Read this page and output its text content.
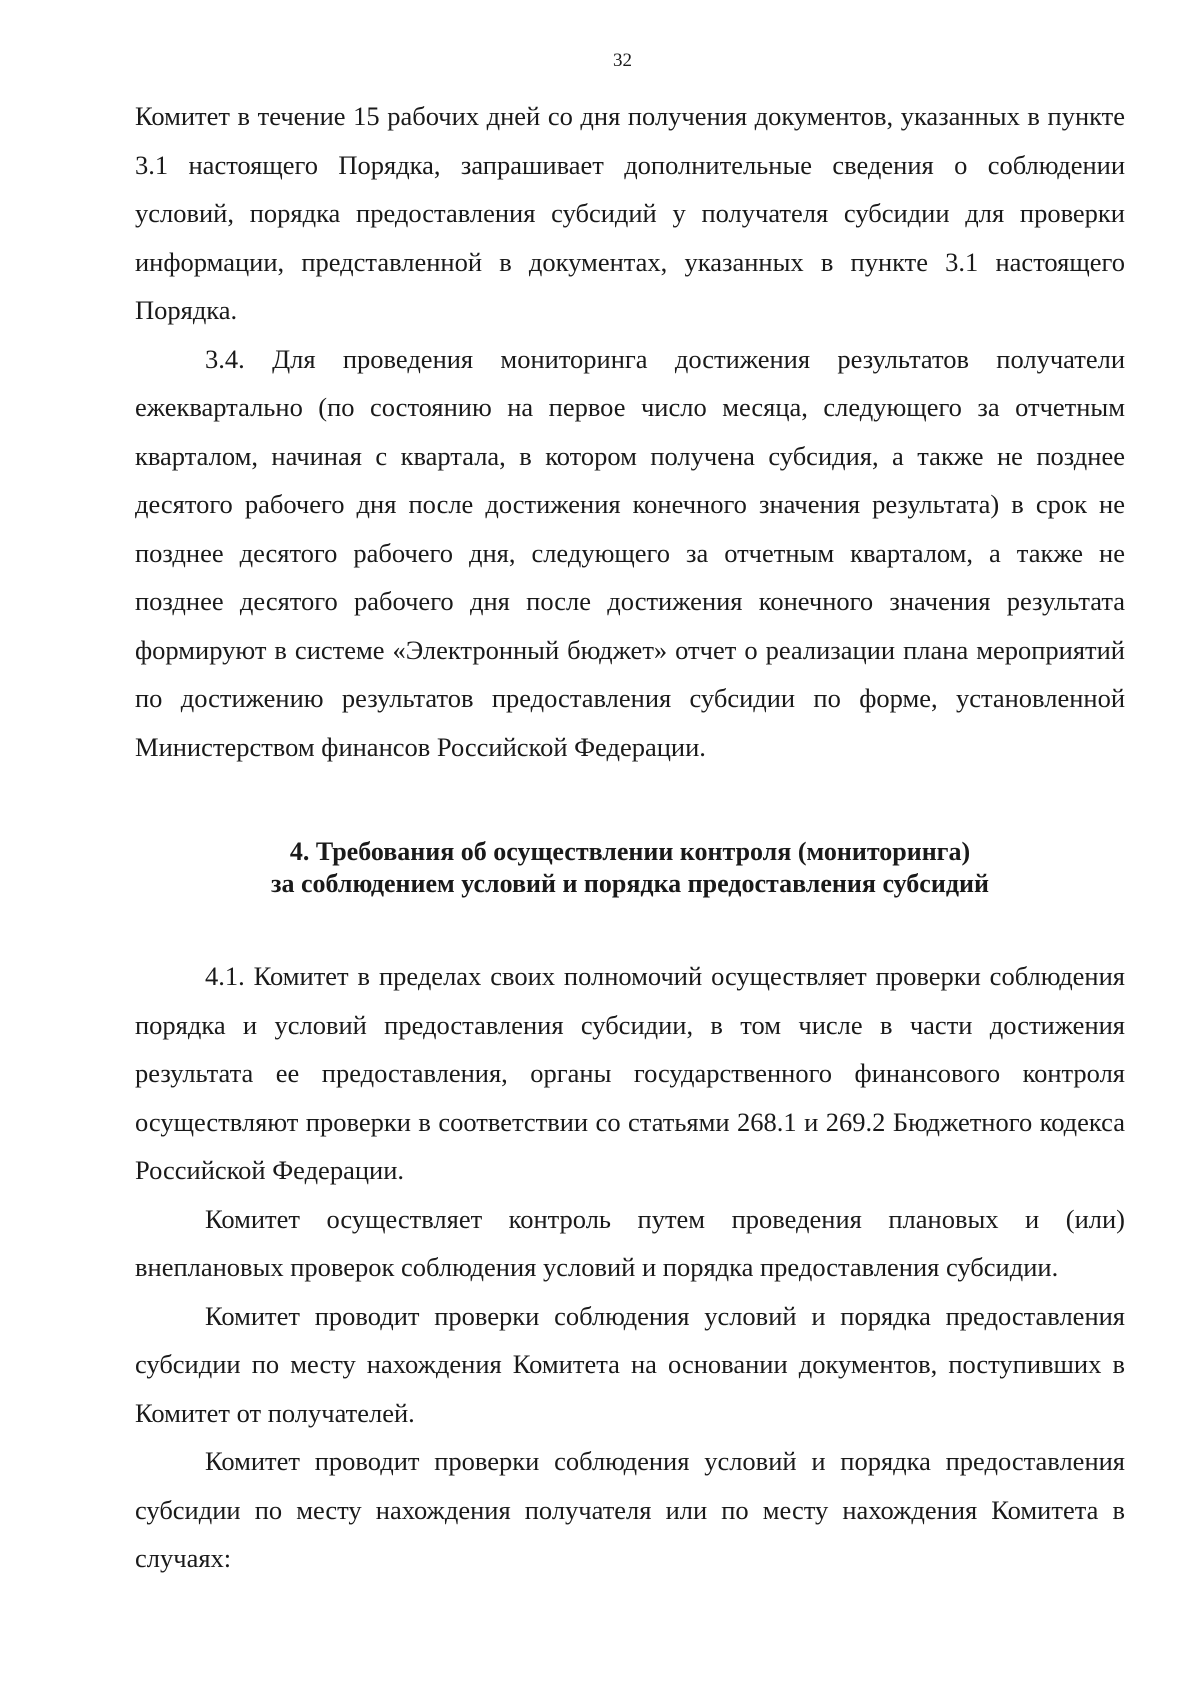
32

Комитет в течение 15 рабочих дней со дня получения документов, указанных в пункте 3.1 настоящего Порядка, запрашивает дополнительные сведения о соблюдении условий, порядка предоставления субсидий у получателя субсидии для проверки информации, представленной в документах, указанных в пункте 3.1 настоящего Порядка.

3.4. Для проведения мониторинга достижения результатов получатели ежеквартально (по состоянию на первое число месяца, следующего за отчетным кварталом, начиная с квартала, в котором получена субсидия, а также не позднее десятого рабочего дня после достижения конечного значения результата) в срок не позднее десятого рабочего дня, следующего за отчетным кварталом, а также не позднее десятого рабочего дня после достижения конечного значения результата формируют в системе «Электронный бюджет» отчет о реализации плана мероприятий по достижению результатов предоставления субсидии по форме, установленной Министерством финансов Российской Федерации.

4. Требования об осуществлении контроля (мониторинга)
за соблюдением условий и порядка предоставления субсидий

4.1. Комитет в пределах своих полномочий осуществляет проверки соблюдения порядка и условий предоставления субсидии, в том числе в части достижения результата ее предоставления, органы государственного финансового контроля осуществляют проверки в соответствии со статьями 268.1 и 269.2 Бюджетного кодекса Российской Федерации.

Комитет осуществляет контроль путем проведения плановых и (или) внеплановых проверок соблюдения условий и порядка предоставления субсидии.

Комитет проводит проверки соблюдения условий и порядка предоставления субсидии по месту нахождения Комитета на основании документов, поступивших в Комитет от получателей.

Комитет проводит проверки соблюдения условий и порядка предоставления субсидии по месту нахождения получателя или по месту нахождения Комитета в случаях:
